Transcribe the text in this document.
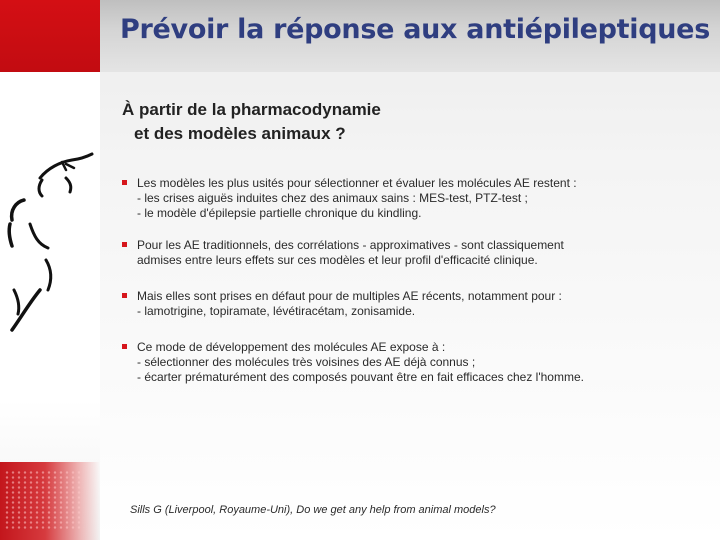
Prévoir la réponse aux antiépileptiques
À partir de la pharmacodynamie
et des modèles animaux ?
Les modèles les plus usités pour sélectionner et évaluer les molécules AE restent :
- les crises aiguës induites chez des animaux sains : MES-test, PTZ-test ;
- le modèle d'épilepsie partielle chronique du kindling.
Pour les AE traditionnels, des corrélations - approximatives - sont classiquement
admises entre leurs effets sur ces modèles et leur profil d'efficacité clinique.
Mais elles sont prises en défaut pour de multiples AE récents, notamment pour :
- lamotrigine, topiramate, lévétiracétam, zonisamide.
Ce mode de développement des molécules AE expose à :
- sélectionner des molécules très voisines des AE déjà connus ;
- écarter prématurément des composés pouvant être en fait efficaces chez l'homme.
Sills G (Liverpool, Royaume-Uni), Do we get any help from animal models?
